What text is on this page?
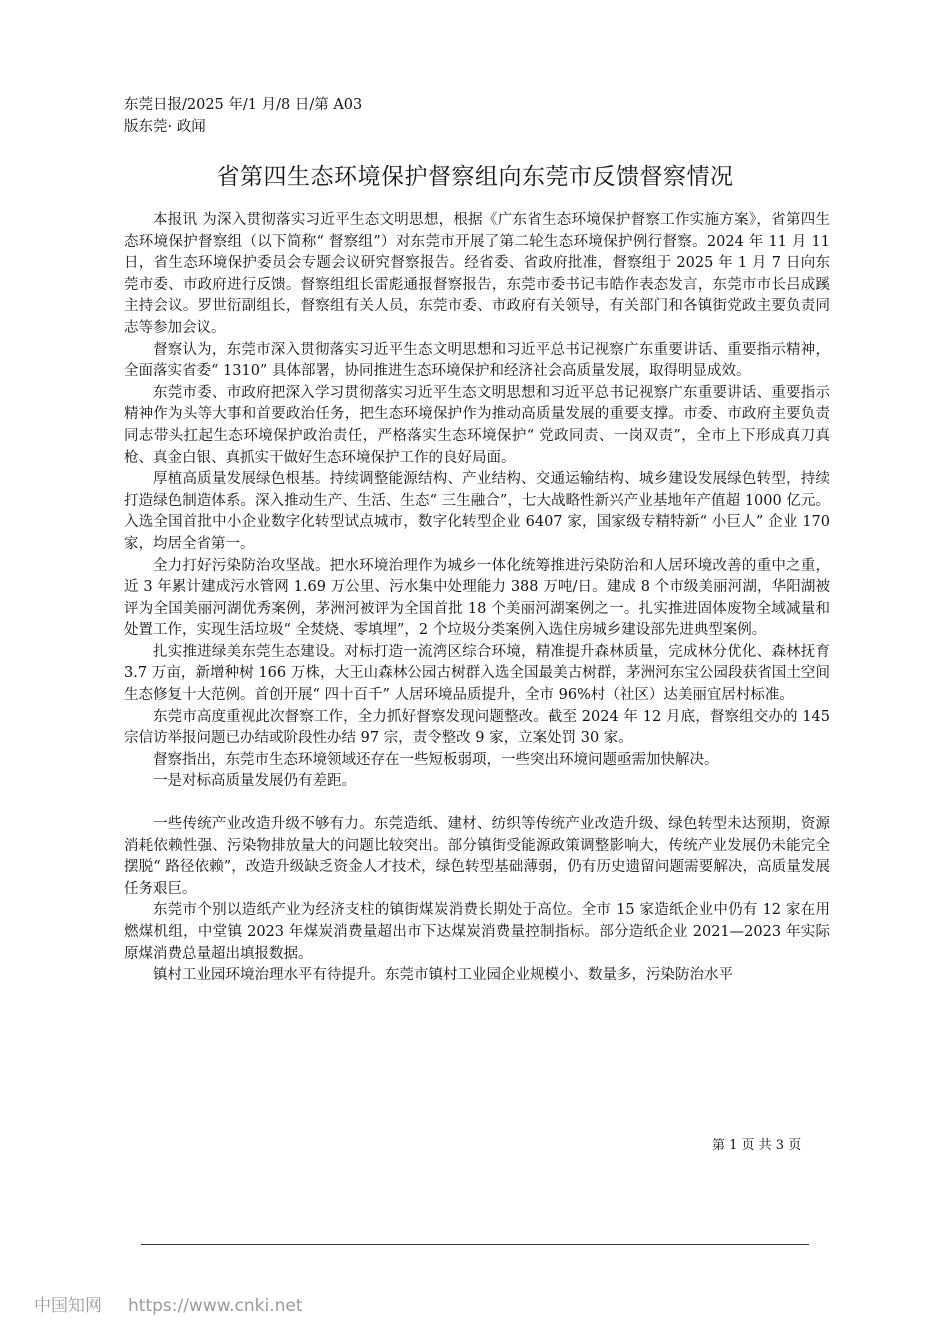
东莞日报/2025 年/1 月/8 日/第 A03
版东莞· 政闻
省第四生态环境保护督察组向东莞市反馈督察情况

本报讯 为深入贯彻落实习近平生态文明思想，根据《广东省生态环境保护督察工作实施方案》，省第四生态环境保护督察组（以下简称“ 督察组”）对东莞市开展了第二轮生态环境保护例行督察。2024 年 11 月 11 日，省生态环境保护委员会专题会议研究督察报告。经省委、省政府批准，督察组于 2025 年 1 月 7 日向东莞市委、市政府进行反馈。督察组组长雷彪通报督察报告，东莞市委书记韦皓作表态发言，东莞市市长吕成蹊主持会议。罗世衍副组长，督察组有关人员，东莞市委、市政府有关领导，有关部门和各镇街党政主要负责同志等参加会议。

督察认为，东莞市深入贯彻落实习近平生态文明思想和习近平总书记视察广东重要讲话、重要指示精神，全面落实省委“ 1310” 具体部署，协同推进生态环境保护和经济社会高质量发展，取得明显成效。

东莞市委、市政府把深入学习贯彻落实习近平生态文明思想和习近平总书记视察广东重要讲话、重要指示精神作为头等大事和首要政治任务，把生态环境保护作为推动高质量发展的重要支撑。市委、市政府主要负责同志带头扛起生态环境保护政治责任，严格落实生态环境保护“ 党政同责、一岗双责”，全市上下形成真刀真枪、真金白银、真抓实干做好生态环境保护工作的良好局面。

厚植高质量发展绿色根基。持续调整能源结构、产业结构、交通运输结构、城乡建设发展绿色转型，持续打造绿色制造体系。深入推动生产、生活、生态“ 三生融合”，七大战略性新兴产业基地年产值超 1000 亿元。入选全国首批中小企业数字化转型试点城市，数字化转型企业 6407 家，国家级专精特新“ 小巨人” 企业 170 家，均居全省第一。

全力打好污染防治攻坚战。把水环境治理作为城乡一体化统筹推进污染防治和人居环境改善的重中之重，近 3 年累计建成污水管网 1.69 万公里、污水集中处理能力 388 万吨/日。建成 8 个市级美丽河湖，华阳湖被评为全国美丽河湖优秀案例，茅洲河被评为全国首批 18 个美丽河湖案例之一。扎实推进固体废物全域减量和处置工作，实现生活垃圾“ 全焚烧、零填埋”，2 个垃圾分类案例入选住房城乡建设部先进典型案例。

扎实推进绿美东莞生态建设。对标打造一流湾区综合环境，精准提升森林质量，完成林分优化、森林抚育 3.7 万亩，新增种树 166 万株，大王山森林公园古树群入选全国最美古树群，茅洲河东宝公园段获省国土空间生态修复十大范例。首创开展“ 四十百千” 人居环境品质提升，全市 96%村（社区）达美丽宜居村标准。

东莞市高度重视此次督察工作，全力抓好督察发现问题整改。截至 2024 年 12 月底，督察组交办的 145 宗信访举报问题已办结或阶段性办结 97 宗，责令整改 9 家，立案处罚 30 家。

督察指出，东莞市生态环境领域还存在一些短板弱项，一些突出环境问题亟需加快解决。

一是对标高质量发展仍有差距。

一些传统产业改造升级不够有力。东莞造纸、建材、纺织等传统产业改造升级、绿色转型未达预期，资源消耗依赖性强、污染物排放量大的问题比较突出。部分镇街受能源政策调整影响大，传统产业发展仍未能完全摆脱“ 路径依赖”，改造升级缺乏资金人才技术，绿色转型基础薄弱，仍有历史遗留问题需要解决，高质量发展任务艰巨。

东莞市个别以造纸产业为经济支柱的镇街煤炭消费长期处于高位。全市 15 家造纸企业中仍有 12 家在用燃煤机组，中堂镇 2023 年煤炭消费量超出市下达煤炭消费量控制指标。部分造纸企业 2021—2023 年实际原煤消费总量超出填报数据。

镇村工业园环境治理水平有待提升。东莞市镇村工业园企业规模小、数量多，污染防治水平

第 1 页 共 3 页
中国知网 https://www.cnki.net
